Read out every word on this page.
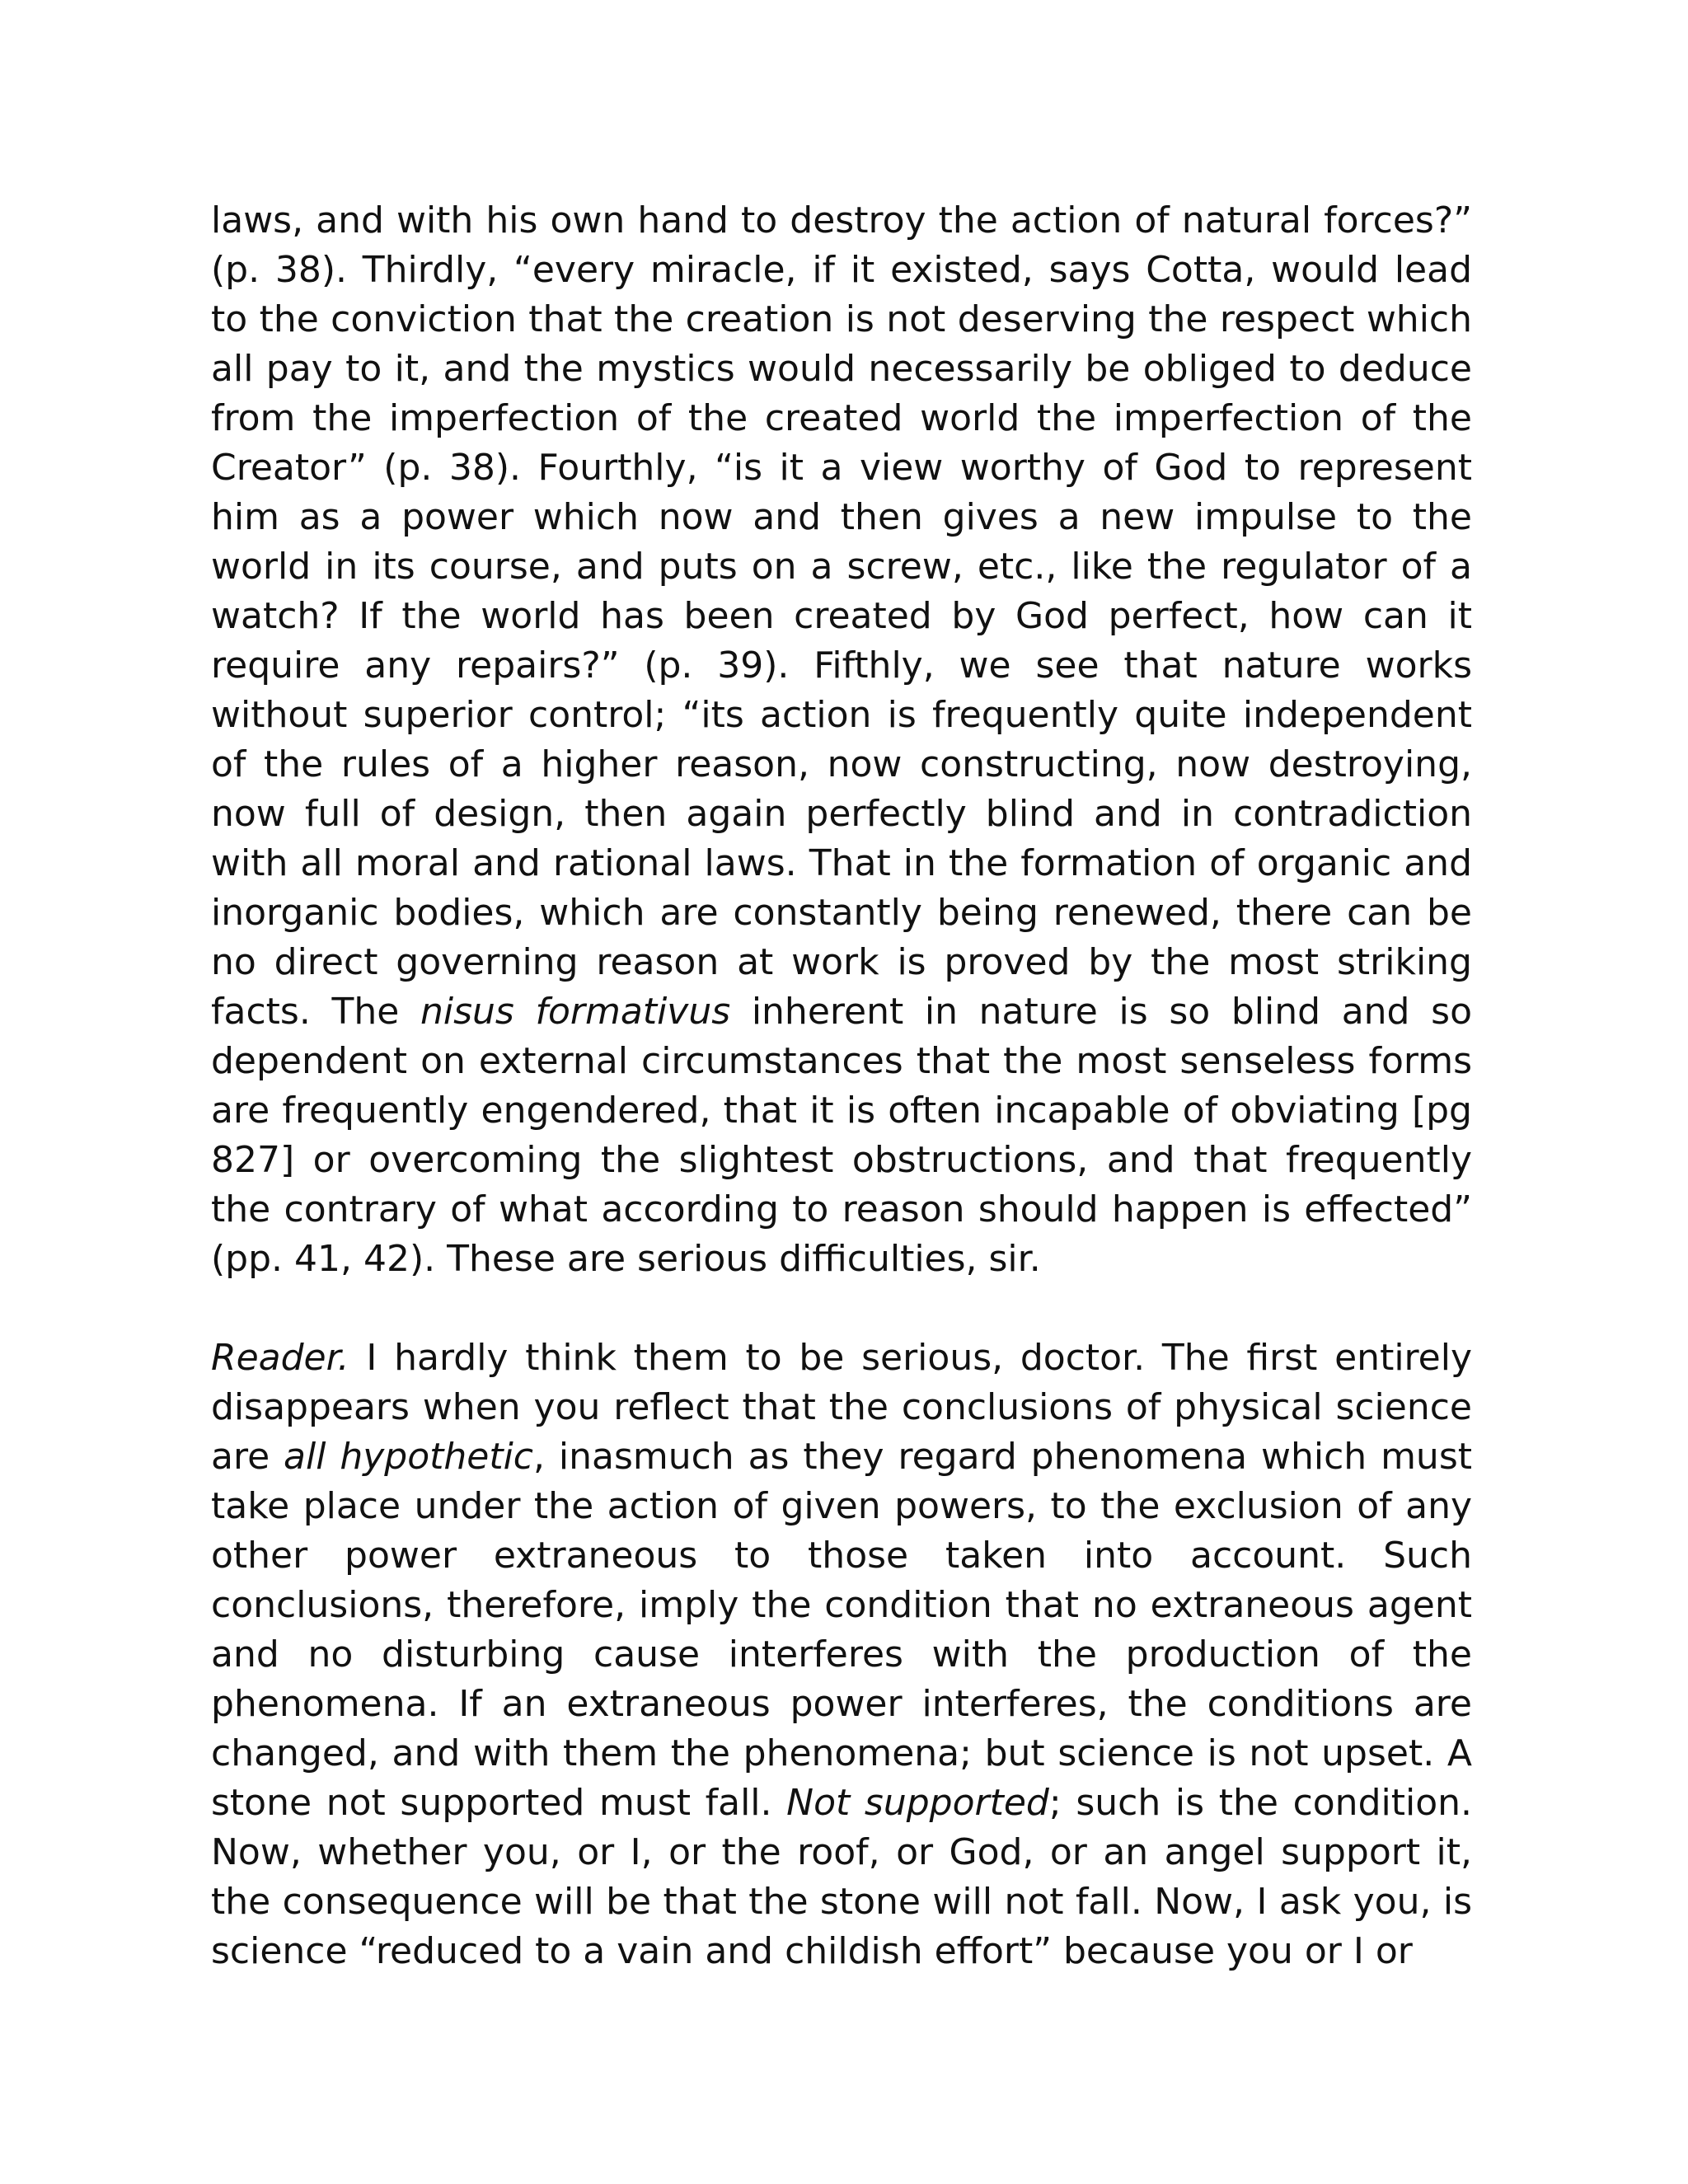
laws, and with his own hand to destroy the action of natural forces?” (p. 38). Thirdly, “every miracle, if it existed, says Cotta, would lead to the conviction that the creation is not deserving the respect which all pay to it, and the mystics would necessarily be obliged to deduce from the imperfection of the created world the imperfection of the Creator” (p. 38). Fourthly, “is it a view worthy of God to represent him as a power which now and then gives a new impulse to the world in its course, and puts on a screw, etc., like the regulator of a watch? If the world has been created by God perfect, how can it require any repairs?” (p. 39). Fifthly, we see that nature works without superior control; “its action is frequently quite independent of the rules of a higher reason, now constructing, now destroying, now full of design, then again perfectly blind and in contradiction with all moral and rational laws. That in the formation of organic and inorganic bodies, which are constantly being renewed, there can be no direct governing reason at work is proved by the most striking facts. The nisus formativus inherent in nature is so blind and so dependent on external circumstances that the most senseless forms are frequently engendered, that it is often incapable of obviating [pg 827] or overcoming the slightest obstructions, and that frequently the contrary of what according to reason should happen is effected” (pp. 41, 42). These are serious difficulties, sir.

Reader. I hardly think them to be serious, doctor. The first entirely disappears when you reflect that the conclusions of physical science are all hypothetic, inasmuch as they regard phenomena which must take place under the action of given powers, to the exclusion of any other power extraneous to those taken into account. Such conclusions, therefore, imply the condition that no extraneous agent and no disturbing cause interferes with the production of the phenomena. If an extraneous power interferes, the conditions are changed, and with them the phenomena; but science is not upset. A stone not supported must fall. Not supported; such is the condition. Now, whether you, or I, or the roof, or God, or an angel support it, the consequence will be that the stone will not fall. Now, I ask you, is science “reduced to a vain and childish effort” because you or I or
